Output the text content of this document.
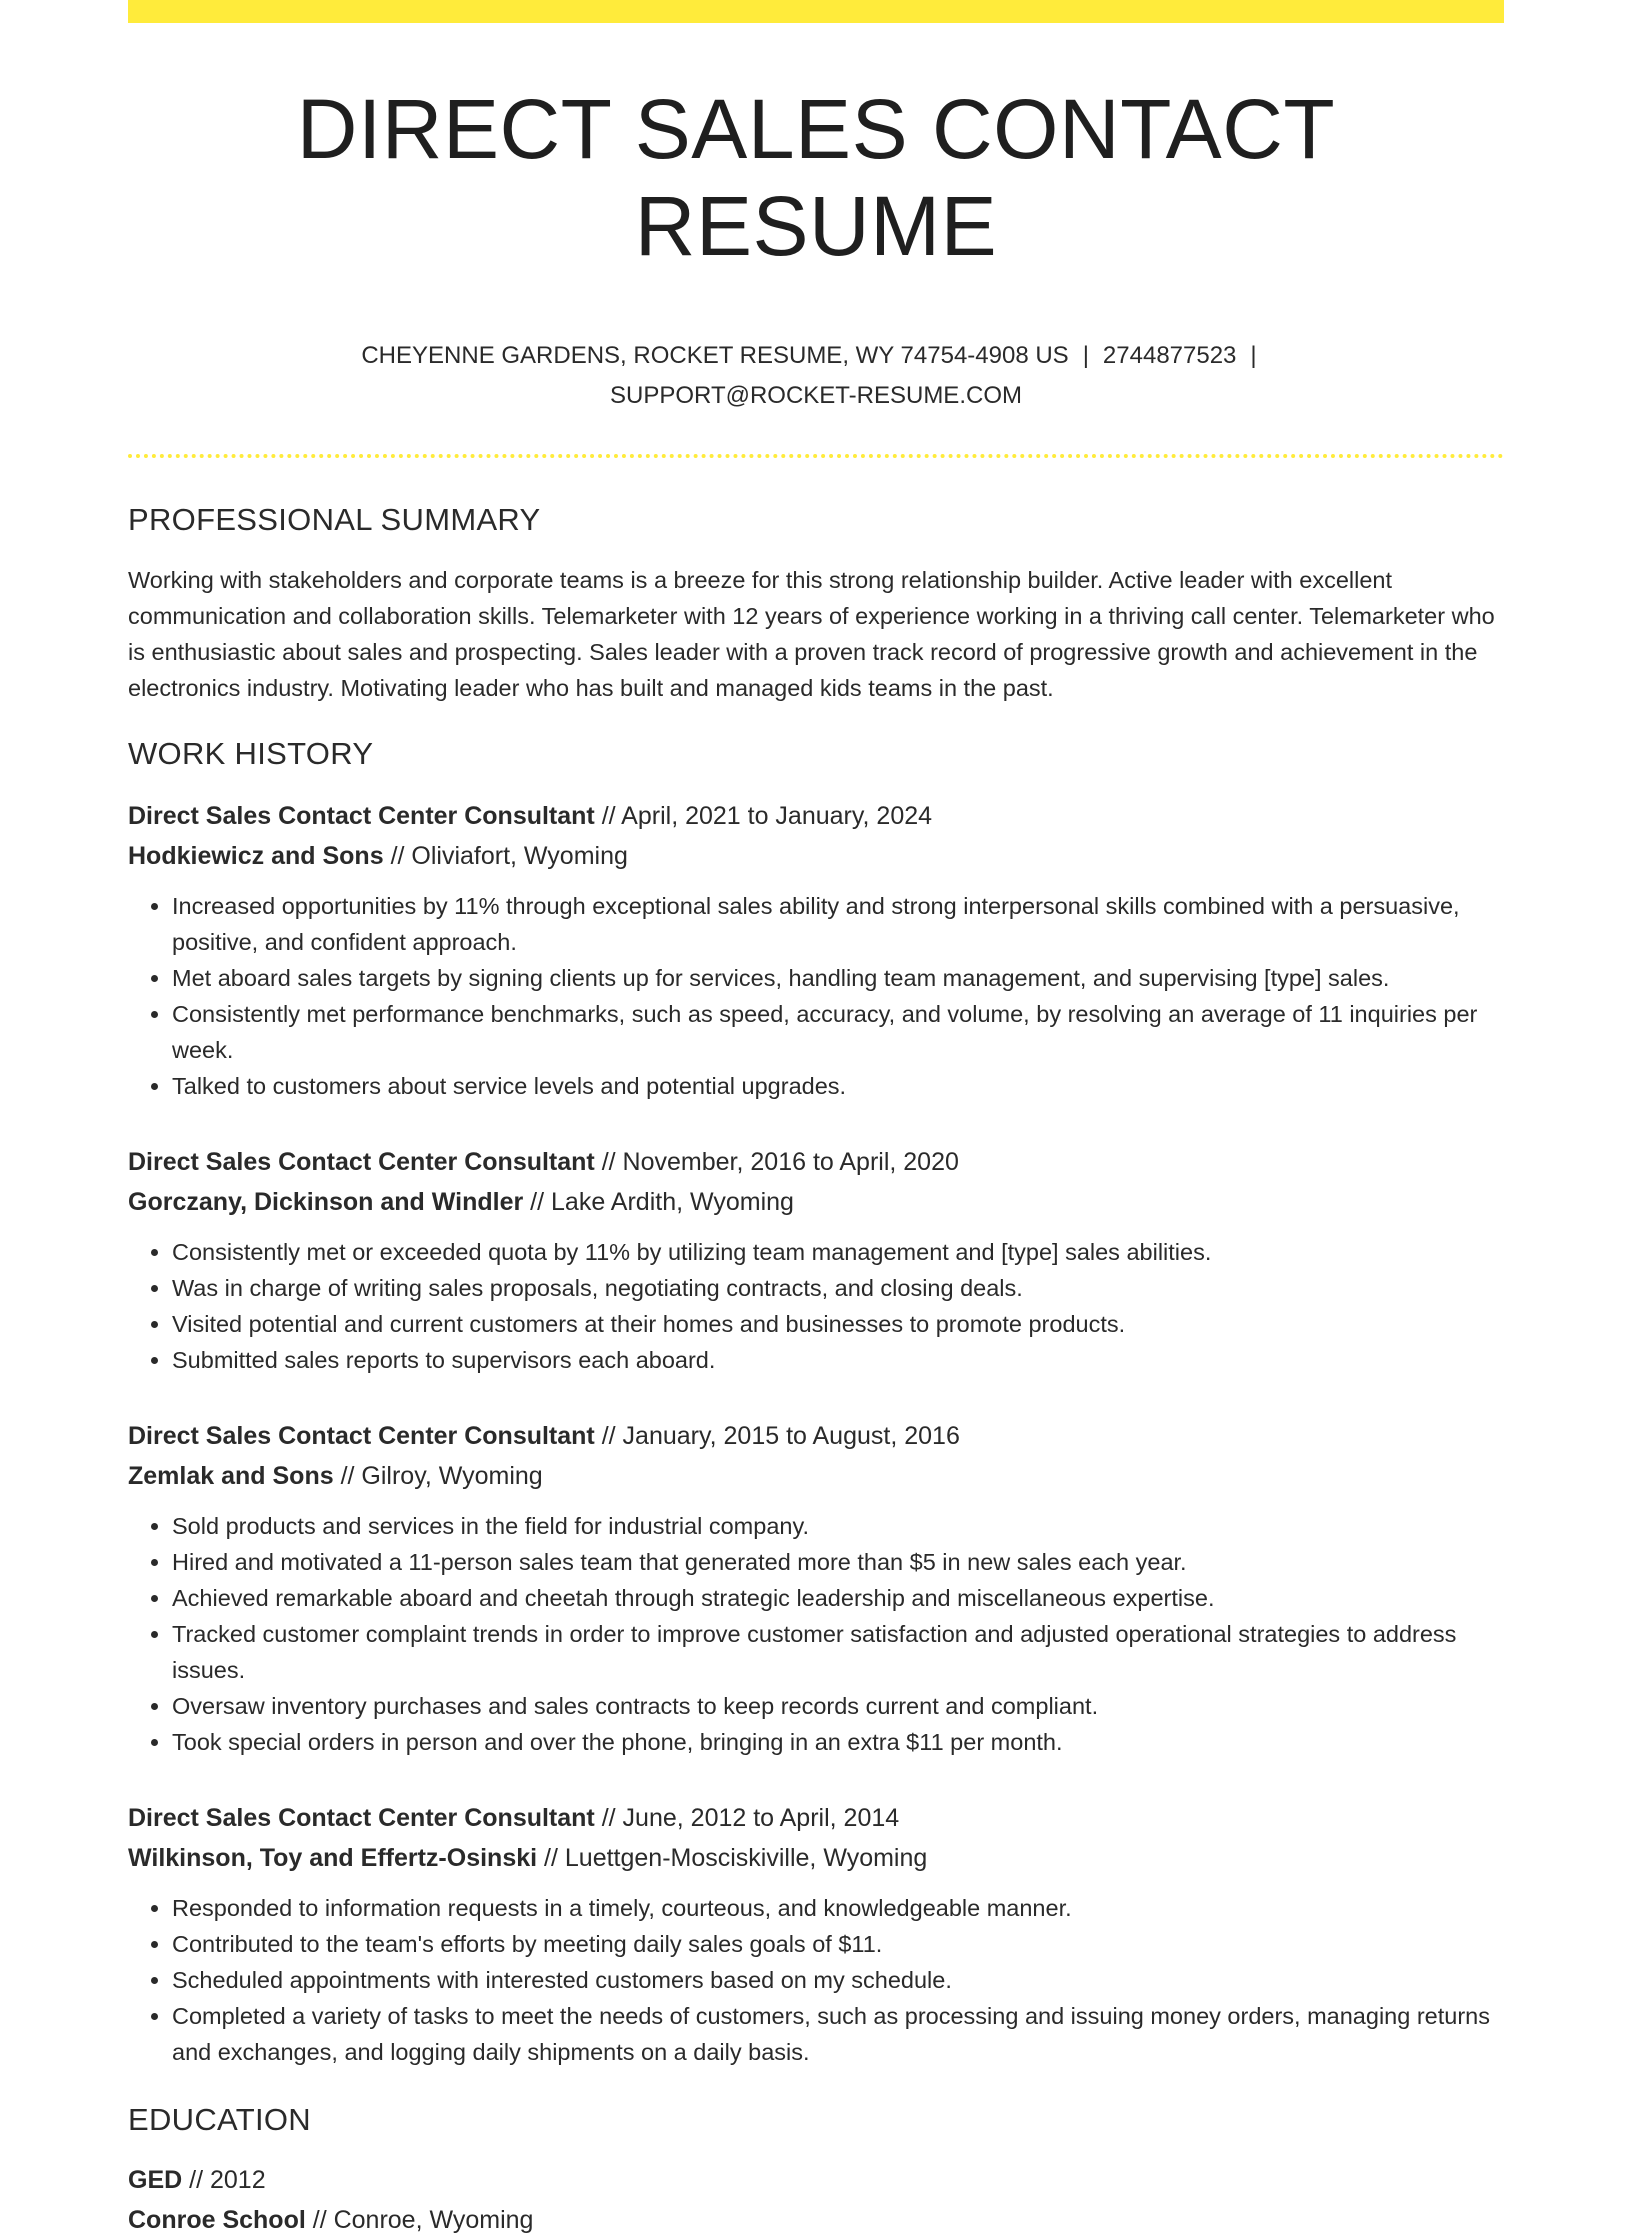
DIRECT SALES CONTACT RESUME
CHEYENNE GARDENS, ROCKET RESUME, WY 74754-4908 US | 2744877523 |
SUPPORT@ROCKET-RESUME.COM
PROFESSIONAL SUMMARY
Working with stakeholders and corporate teams is a breeze for this strong relationship builder. Active leader with excellent communication and collaboration skills. Telemarketer with 12 years of experience working in a thriving call center. Telemarketer who is enthusiastic about sales and prospecting. Sales leader with a proven track record of progressive growth and achievement in the electronics industry. Motivating leader who has built and managed kids teams in the past.
WORK HISTORY
Direct Sales Contact Center Consultant // April, 2021 to January, 2024
Hodkiewicz and Sons // Oliviafort, Wyoming
• Increased opportunities by 11% through exceptional sales ability and strong interpersonal skills combined with a persuasive, positive, and confident approach.
• Met aboard sales targets by signing clients up for services, handling team management, and supervising [type] sales.
• Consistently met performance benchmarks, such as speed, accuracy, and volume, by resolving an average of 11 inquiries per week.
• Talked to customers about service levels and potential upgrades.
Direct Sales Contact Center Consultant // November, 2016 to April, 2020
Gorczany, Dickinson and Windler // Lake Ardith, Wyoming
• Consistently met or exceeded quota by 11% by utilizing team management and [type] sales abilities.
• Was in charge of writing sales proposals, negotiating contracts, and closing deals.
• Visited potential and current customers at their homes and businesses to promote products.
• Submitted sales reports to supervisors each aboard.
Direct Sales Contact Center Consultant // January, 2015 to August, 2016
Zemlak and Sons // Gilroy, Wyoming
• Sold products and services in the field for industrial company.
• Hired and motivated a 11-person sales team that generated more than $5 in new sales each year.
• Achieved remarkable aboard and cheetah through strategic leadership and miscellaneous expertise.
• Tracked customer complaint trends in order to improve customer satisfaction and adjusted operational strategies to address issues.
• Oversaw inventory purchases and sales contracts to keep records current and compliant.
• Took special orders in person and over the phone, bringing in an extra $11 per month.
Direct Sales Contact Center Consultant // June, 2012 to April, 2014
Wilkinson, Toy and Effertz-Osinski // Luettgen-Mosciskiville, Wyoming
• Responded to information requests in a timely, courteous, and knowledgeable manner.
• Contributed to the team's efforts by meeting daily sales goals of $11.
• Scheduled appointments with interested customers based on my schedule.
• Completed a variety of tasks to meet the needs of customers, such as processing and issuing money orders, managing returns and exchanges, and logging daily shipments on a daily basis.
EDUCATION
GED // 2012
Conroe School // Conroe, Wyoming
